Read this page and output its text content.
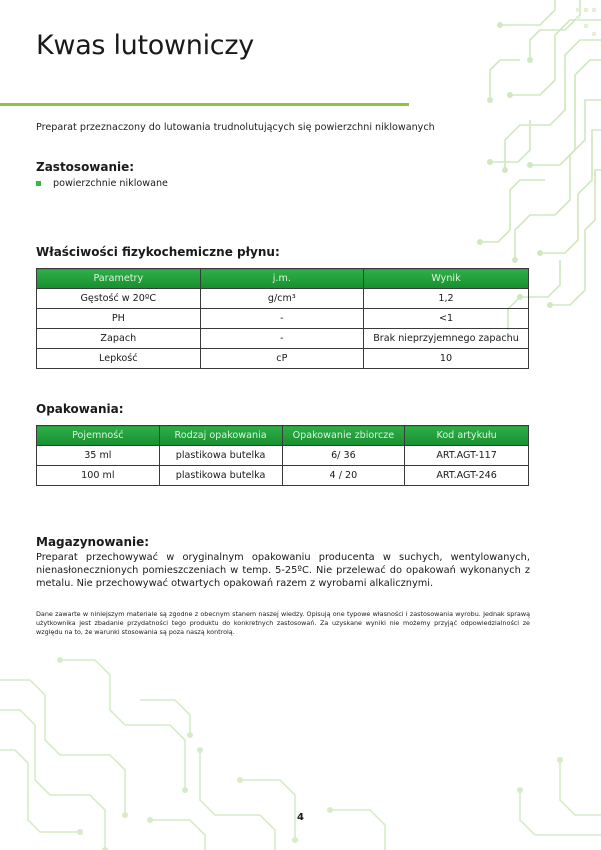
Kwas lutowniczy
Preparat przeznaczony do lutowania trudnolutujących się powierzchni niklowanych
Zastosowanie:
powierzchnie niklowane
Właściwości fizykochemiczne płynu:
Parametry	j.m.	Wynik
Gęstość w 20ºC	g/cm³	1,2
PH	-	<1
Zapach	-	Brak nieprzyjemnego zapachu
Lepkość	cP	10
Opakowania:
Pojemność	Rodzaj opakowania	Opakowanie zbiorcze	Kod artykułu
35 ml	plastikowa butelka	6/ 36	ART.AGT-117
100 ml	plastikowa butelka	4 / 20	ART.AGT-246
Magazynowanie:

Preparat przechowywać w oryginalnym opakowaniu producenta w suchych, wentylowanych, nienasłonecznionych pomieszczeniach w temp. 5-25ºC. Nie przelewać do opakowań wykonanych z metalu. Nie przechowywać otwartych opakowań razem z wyrobami alkalicznymi.

Dane zawarte w niniejszym materiale są zgodne z obecnym stanem naszej wiedzy. Opisują one typowe własności i zastosowania wyrobu. Jednak sprawą użytkownika jest zbadanie przydatności tego produktu do konkretnych zastosowań. Za uzyskane wyniki nie możemy przyjąć odpowiedzialności ze względu na to, że warunki stosowania są poza naszą kontrolą.

4
